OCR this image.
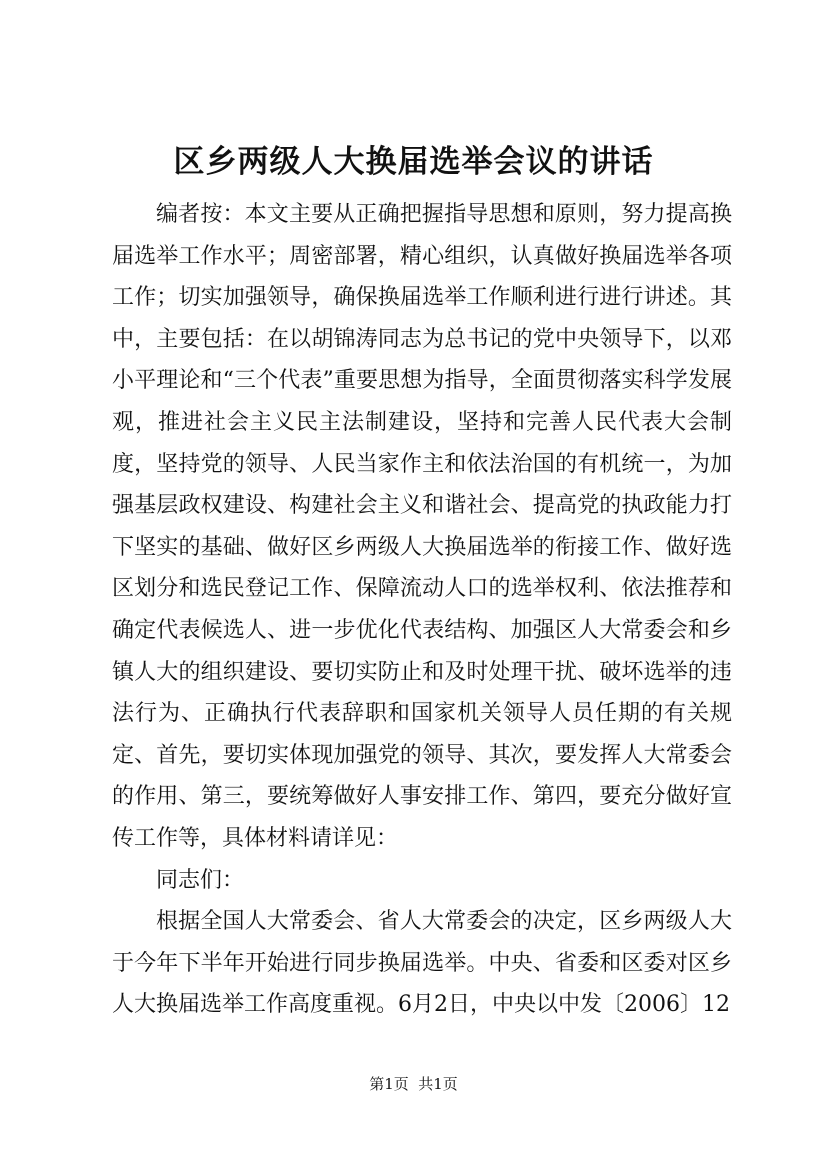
区乡两级人大换届选举会议的讲话

编者按：本文主要从正确把握指导思想和原则，努力提高换届选举工作水平；周密部署，精心组织，认真做好换届选举各项工作；切实加强领导，确保换届选举工作顺利进行进行讲述。其中，主要包括：在以胡锦涛同志为总书记的党中央领导下，以邓小平理论和“三个代表”重要思想为指导，全面贯彻落实科学发展观，推进社会主义民主法制建设，坚持和完善人民代表大会制度，坚持党的领导、人民当家作主和依法治国的有机统一，为加强基层政权建设、构建社会主义和谐社会、提高党的执政能力打下坚实的基础、做好区乡两级人大换届选举的衔接工作、做好选区划分和选民登记工作、保障流动人口的选举权利、依法推荐和确定代表候选人、进一步优化代表结构、加强区人大常委会和乡镇人大的组织建设、要切实防止和及时处理干扰、破坏选举的违法行为、正确执行代表辞职和国家机关领导人员任期的有关规定、首先，要切实体现加强党的领导、其次，要发挥人大常委会的作用、第三，要统筹做好人事安排工作、第四，要充分做好宣传工作等，具体材料请详见：

同志们：

根据全国人大常委会、省人大常委会的决定，区乡两级人大于今年下半年开始进行同步换届选举。中央、省委和区委对区乡人大换届选举工作高度重视。6月2日，中央以中发〔2006〕12

第1页  共1页
